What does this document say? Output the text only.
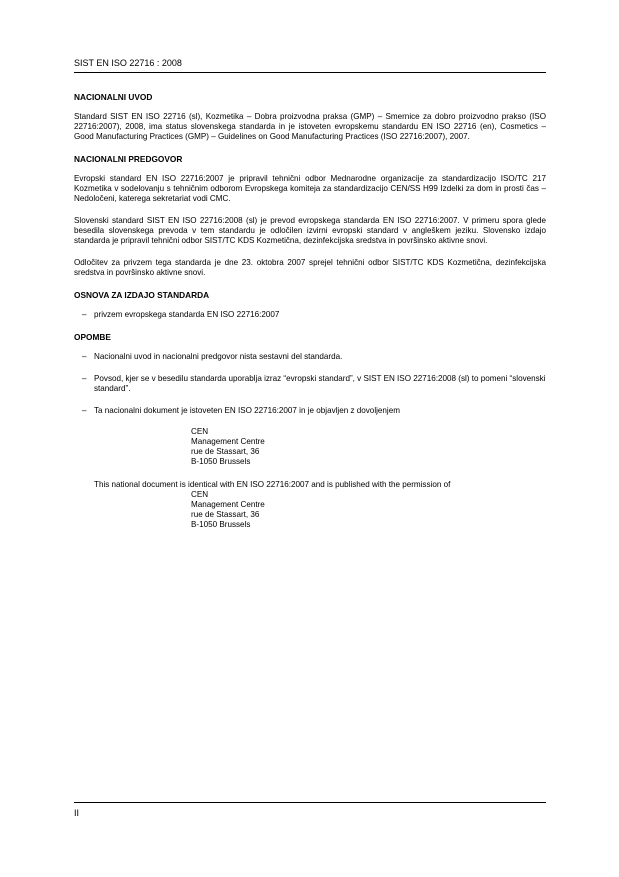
SIST EN ISO 22716 : 2008
NACIONALNI UVOD

Standard SIST EN ISO 22716 (sl), Kozmetika – Dobra proizvodna praksa (GMP) – Smernice za dobro proizvodno prakso (ISO 22716:2007), 2008, ima status slovenskega standarda in je istoveten evropskemu standardu EN ISO 22716 (en), Cosmetics – Good Manufacturing Practices (GMP) – Guidelines on Good Manufacturing Practices (ISO 22716:2007), 2007.

NACIONALNI PREDGOVOR

Evropski standard EN ISO 22716:2007 je pripravil tehnični odbor Mednarodne organizacije za standardizacijo ISO/TC 217 Kozmetika v sodelovanju s tehničnim odborom Evropskega komiteja za standardizacijo CEN/SS H99 Izdelki za dom in prosti čas – Nedoločeni, katerega sekretariat vodi CMC.

Slovenski standard SIST EN ISO 22716:2008 (sl) je prevod evropskega standarda EN ISO 22716:2007. V primeru spora glede besedila slovenskega prevoda v tem standardu je odločilen izvirni evropski standard v angleškem jeziku. Slovensko izdajo standarda je pripravil tehnični odbor SIST/TC KDS Kozmetična, dezinfekcijska sredstva in površinsko aktivne snovi.

Odločitev za privzem tega standarda je dne 23. oktobra 2007 sprejel tehnični odbor SIST/TC KDS Kozmetična, dezinfekcijska sredstva in površinsko aktivne snovi.

OSNOVA ZA IZDAJO STANDARDA
– privzem evropskega standarda EN ISO 22716:2007
OPOMBE
– Nacionalni uvod in nacionalni predgovor nista sestavni del standarda.
– Povsod, kjer se v besedilu standarda uporablja izraz “evropski standard”, v SIST EN ISO 22716:2008 (sl) to pomeni “slovenski standard”.
– Ta nacionalni dokument je istoveten EN ISO 22716:2007 in je objavljen z dovoljenjem
CEN
Management Centre
rue de Stassart, 36
B-1050 Brussels
This national document is identical with EN ISO 22716:2007 and is published with the permission of
CEN
Management Centre
rue de Stassart, 36
B-1050 Brussels
II
